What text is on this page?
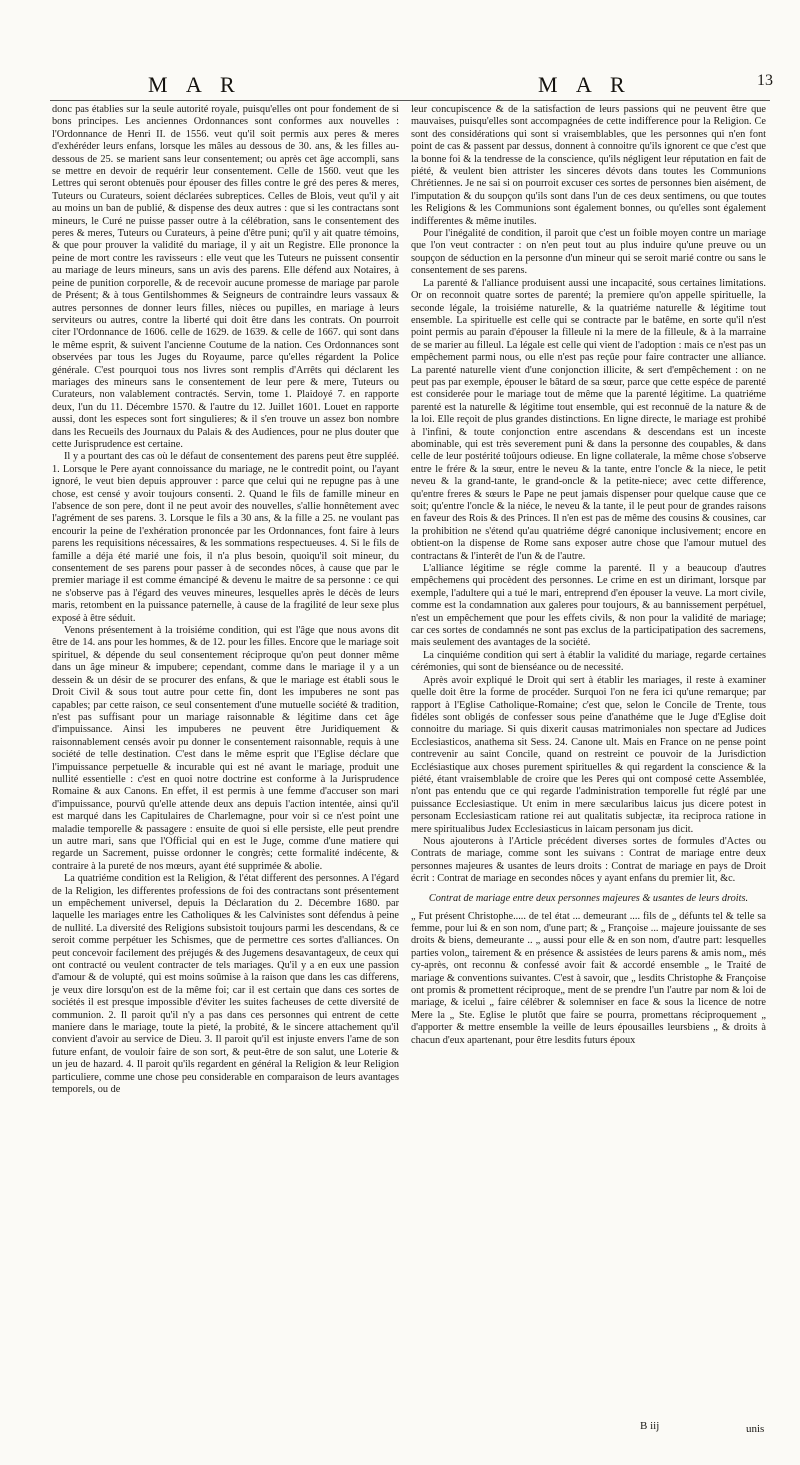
M A R	M A R	13

donc pas établies sur la seule autorité royale, puisqu'elles ont pour fondement de si bons principes. Les anciennes Ordonnances sont conformes aux nouvelles : l'Ordonnance de Henri II. de 1556. veut qu'il soit permis aux peres & meres d'exhéréder leurs enfans, lorsque les mâles au dessous de 30. ans, & les filles au-dessous de 25. se marient sans leur consentement; ou après cet âge accompli, sans se mettre en devoir de requérir leur consentement. Celle de 1560. veut que les Lettres qui seront obtenuës pour épouser des filles contre le gré des peres & meres, Tuteurs ou Curateurs, soient déclarées subreptices. Celles de Blois, veut qu'il y ait au moins un ban de publié, & dispense des deux autres : que si les contractans sont mineurs, le Curé ne puisse passer outre à la célébration, sans le consentement des peres & meres, Tuteurs ou Curateurs, à peine d'être puni; qu'il y ait quatre témoins, & que pour prouver la validité du mariage, il y ait un Registre. Elle prononce la peine de mort contre les ravisseurs : elle veut que les Tuteurs ne puissent consentir au mariage de leurs mineurs, sans un avis des parens. Elle défend aux Notaires, à peine de punition corporelle, & de recevoir aucune promesse de mariage par parole de Présent; & à tous Gentilshommes & Seigneurs de contraindre leurs vassaux & autres personnes de donner leurs filles, nièces ou pupilles, en mariage à leurs serviteurs ou autres, contre la liberté qui doit être dans les contrats. On pourroit citer l'Ordonnance de 1606. celle de 1629. de 1639. & celle de 1667. qui sont dans le même esprit, & suivent l'ancienne Coutume de la nation. Ces Ordonnances sont observées par tous les Juges du Royaume, parce qu'elles régardent la Police générale. C'est pourquoi tous nos livres sont remplis d'Arrêts qui déclarent les mariages des mineurs sans le consentement de leur pere & mere, Tuteurs ou Curateurs, non valablement contractés. Servin, tome 1. Plaidoyé 7. en rapporte deux, l'un du 11. Décembre 1570. & l'autre du 12. Juillet 1601. Louet en rapporte aussi, dont les especes sont fort singulieres; & il s'en trouve un assez bon nombre dans les Recueils des Journaux du Palais & des Audiences, pour ne plus douter que cette Jurisprudence est certaine.

Il y a pourtant des cas où le défaut de consentement des parens peut être suppléé. 1. Lorsque le Pere ayant connoissance du mariage, ne le contredit point, ou l'ayant ignoré, le veut bien depuis approuver : parce que celui qui ne repugne pas à une chose, est censé y avoir toujours consenti. 2. Quand le fils de famille mineur en l'absence de son pere, dont il ne peut avoir des nouvelles, s'allie honnêtement avec l'agrément de ses parens. 3. Lorsque le fils a 30 ans, & la fille a 25. ne voulant pas encourir la peine de l'exhération prononcée par les Ordonnances, font faire à leurs parens les requisitions nécessaires, & les sommations respectueuses. 4. Si le fils de famille a déja été marié une fois, il n'a plus besoin, quoiqu'il soit mineur, du consentement de ses parens pour passer à de secondes nôces, à cause que par le premier mariage il est comme émancipé & devenu le maitre de sa personne : ce qui ne s'observe pas à l'égard des veuves mineures, lesquelles après le décès de leurs maris, retombent en la puissance paternelle, à cause de la fragilité de leur sexe plus exposé à être séduit.

Venons présentement à la troisiéme condition, qui est l'âge que nous avons dit être de 14. ans pour les hommes, & de 12. pour les filles. Encore que le mariage soit spirituel, & dépende du seul consentement réciproque qu'on peut donner même dans un âge mineur & impubere; cependant, comme dans le mariage il y a un dessein & un désir de se procurer des enfans, & que le mariage est établi sous le Droit Civil & sous tout autre pour cette fin, dont les impuberes ne sont pas capables; par cette raison, ce seul consentement d'une mutuelle société & tradition, n'est pas suffisant pour un mariage raisonnable & légitime dans cet âge d'impuissance. Ainsi les impuberes ne peuvent être Juridiquement & raisonnablement censés avoir pu donner le consentement raisonnable, requis à une société de telle destination. C'est dans le même esprit que l'Eglise déclare que l'impuissance perpetuelle & incurable qui est né avant le mariage, produit une nullité essentielle : c'est en quoi notre doctrine est conforme à la Jurisprudence Romaine & aux Canons. En effet, il est permis à une femme d'accuser son mari d'impuissance, pourvû qu'elle attende deux ans depuis l'action intentée, ainsi qu'il est marqué dans les Capitulaires de Charlemagne, pour voir si ce n'est point une maladie temporelle & passagere : ensuite de quoi si elle persiste, elle peut prendre un autre mari, sans que l'Official qui en est le Juge, comme d'une matiere qui regarde un Sacrement, puisse ordonner le congrès; cette formalité indécente, & contraire à la pureté de nos mœurs, ayant été supprimée & abolie.

La quatriéme condition est la Religion, & l'état different des personnes. A l'égard de la Religion, les differentes professions de foi des contractans sont présentement un empêchement universel, depuis la Déclaration du 2. Décembre 1680. par laquelle les mariages entre les Catholiques & les Calvinistes sont défendus à peine de nullité. La diversité des Religions subsistoit toujours parmi les descendans, & ce seroit comme perpétuer les Schismes, que de permettre ces sortes d'alliances. On peut concevoir facilement des préjugés & des Jugemens desavantageux, de ceux qui ont contracté ou veulent contracter de tels mariages. Qu'il y a en eux une passion d'amour & de volupté, qui est moins soûmise à la raison que dans les cas differens, je veux dire lorsqu'on est de la même foi; car il est certain que dans ces sortes de sociétés il est presque impossible d'éviter les suites facheuses de cette diversité de communion. 2. Il paroit qu'il n'y a pas dans ces personnes qui entrent de cette maniere dans le mariage, toute la pieté, la probité, & le sincere attachement qu'il convient d'avoir au service de Dieu. 3. Il paroit qu'il est injuste envers l'ame de son future enfant, de vouloir faire de son sort, & peut-être de son salut, une Loterie & un jeu de hazard. 4. Il paroit qu'ils regardent en général la Religion & leur Religion particuliere, comme une chose peu considerable en comparaison de leurs avantages temporels, ou de

leur concupiscence & de la satisfaction de leurs passions qui ne peuvent être que mauvaises, puisqu'elles sont accompagnées de cette indifference pour la Religion. Ce sont des considérations qui sont si vraisemblables, que les personnes qui n'en font point de cas & passent par dessus, donnent à connoitre qu'ils ignorent ce que c'est que la bonne foi & la tendresse de la conscience, qu'ils négligent leur réputation en fait de piété, & veulent bien attrister les sinceres dévots dans toutes les Communions Chrétiennes. Je ne sai si on pourroit excuser ces sortes de personnes bien aisément, de l'imputation & du soupçon qu'ils sont dans l'un de ces deux sentimens, ou que toutes les Religions & les Communions sont également bonnes, ou qu'elles sont également indifferentes & même inutiles.

Pour l'inégalité de condition, il paroit que c'est un foible moyen contre un mariage que l'on veut contracter : on n'en peut tout au plus induire qu'une preuve ou un soupçon de séduction en la personne d'un mineur qui se seroit marié contre ou sans le consentement de ses parens.

La parenté & l'alliance produisent aussi une incapacité, sous certaines limitations. Or on reconnoit quatre sortes de parenté; la premiere qu'on appelle spirituelle, la seconde légale, la troisiéme naturelle, & la quatriéme naturelle & légitime tout ensemble. La spirituelle est celle qui se contracte par le batême, en sorte qu'il n'est point permis au parain d'épouser la filleule ni la mere de la filleule, & à la marraine de se marier au filleul. La légale est celle qui vient de l'adoption : mais ce n'est pas un empêchement parmi nous, ou elle n'est pas reçûe pour faire contracter une alliance. La parenté naturelle vient d'une conjonction illicite, & sert d'empêchement : on ne peut pas par exemple, épouser le bâtard de sa sœur, parce que cette espéce de parenté est considerée pour le mariage tout de même que la parenté légitime. La quatriéme parenté est la naturelle & légitime tout ensemble, qui est reconnuë de la nature & de la loi. Elle reçoit de plus grandes distinctions. En ligne directe, le mariage est prohibé à l'infini, & toute conjonction entre ascendans & descendans est un inceste abominable, qui est très severement puni & dans la personne des coupables, & dans celle de leur postérité toûjours odieuse. En ligne collaterale, la même chose s'observe entre le frére & la sœur, entre le neveu & la tante, entre l'oncle & la niece, le petit neveu & la grand-tante, le grand-oncle & la petite-niece; avec cette difference, qu'entre freres & sœurs le Pape ne peut jamais dispenser pour quelque cause que ce soit; qu'entre l'oncle & la niéce, le neveu & la tante, il le peut pour de grandes raisons en faveur des Rois & des Princes. Il n'en est pas de même des cousins & cousines, car la prohibition ne s'étend qu'au quatriéme dégré canonique inclusivement; encore en obtient-on la dispense de Rome sans exposer autre chose que l'amour mutuel des contractans & l'interêt de l'un & de l'autre.

L'alliance légitime se régle comme la parenté. Il y a beaucoup d'autres empêchemens qui procèdent des personnes. Le crime en est un dirimant, lorsque par exemple, l'adultere qui a tué le mari, entreprend d'en épouser la veuve. La mort civile, comme est la condamnation aux galeres pour toujours, & au bannissement perpétuel, n'est un empêchement que pour les effets civils, & non pour la validité de mariage; car ces sortes de condamnés ne sont pas exclus de la participatipation des sacremens, mais seulement des avantages de la société.

La cinquiéme condition qui sert à établir la validité du mariage, regarde certaines cérémonies, qui sont de bienséance ou de necessité.

Après avoir expliqué le Droit qui sert à établir les mariages, il reste à examiner quelle doit être la forme de procéder. Surquoi l'on ne fera ici qu'une remarque; par rapport à l'Eglise Catholique-Romaine; c'est que, selon le Concile de Trente, tous fidéles sont obligés de confesser sous peine d'anathéme que le Juge d'Eglise doit connoitre du mariage. Si quis dixerit causas matrimoniales non spectare ad Judices Ecclesiasticos, anathema sit Sess. 24. Canone ult. Mais en France on ne pense point contrevenir au saint Concile, quand on restreint ce pouvoir de la Jurisdiction Ecclésiastique aux choses purement spirituelles & qui regardent la conscience & la piété, étant vraisemblable de croire que les Peres qui ont composé cette Assemblée, n'ont pas entendu que ce qui regarde l'administration temporelle fut réglé par une puissance Ecclesiastique. Ut enim in mere sæcularibus laicus jus dicere potest in personam Ecclesiasticam ratione rei aut qualitatis subjectæ, ita reciproca ratione in mere spiritualibus Judex Ecclesiasticus in laicam personam jus dicit.

Nous ajouterons à l'Article précédent diverses sortes de formules d'Actes ou Contrats de mariage, comme sont les suivans : Contrat de mariage entre deux personnes majeures & usantes de leurs droits : Contrat de mariage en pays de Droit écrit : Contrat de mariage en secondes nôces y ayant enfans du premier lit, &c.

Contrat de mariage entre deux personnes majeures & usantes de leurs droits.

„ Fut présent Christophe..... de tel état ... demeurant .... fils de „ défunts tel & telle sa femme, pour lui & en son nom, d'une part; & „ Françoise ... majeure jouissante de ses droits & biens, demeurante .. „ aussi pour elle & en son nom, d'autre part: lesquelles parties volon„ tairement & en présence & assistées de leurs parens & amis nom„ més cy-après, ont reconnu & confessé avoir fait & accordé ensemble „ le Traité de mariage & conventions suivantes. C'est à savoir, que „ lesdits Christophe & Françoise ont promis & promettent réciproque„ ment de se prendre l'un l'autre par nom & loi de mariage, & icelui „ faire célébrer & solemniser en face & sous la licence de notre Mere la „ Ste. Eglise le plutôt que faire se pourra, promettans réciproquement „ d'apporter & mettre ensemble la veille de leurs épousailles leursbiens „ & droits à chacun d'eux apartenant, pour être lesdits futurs époux

B iij	unis
